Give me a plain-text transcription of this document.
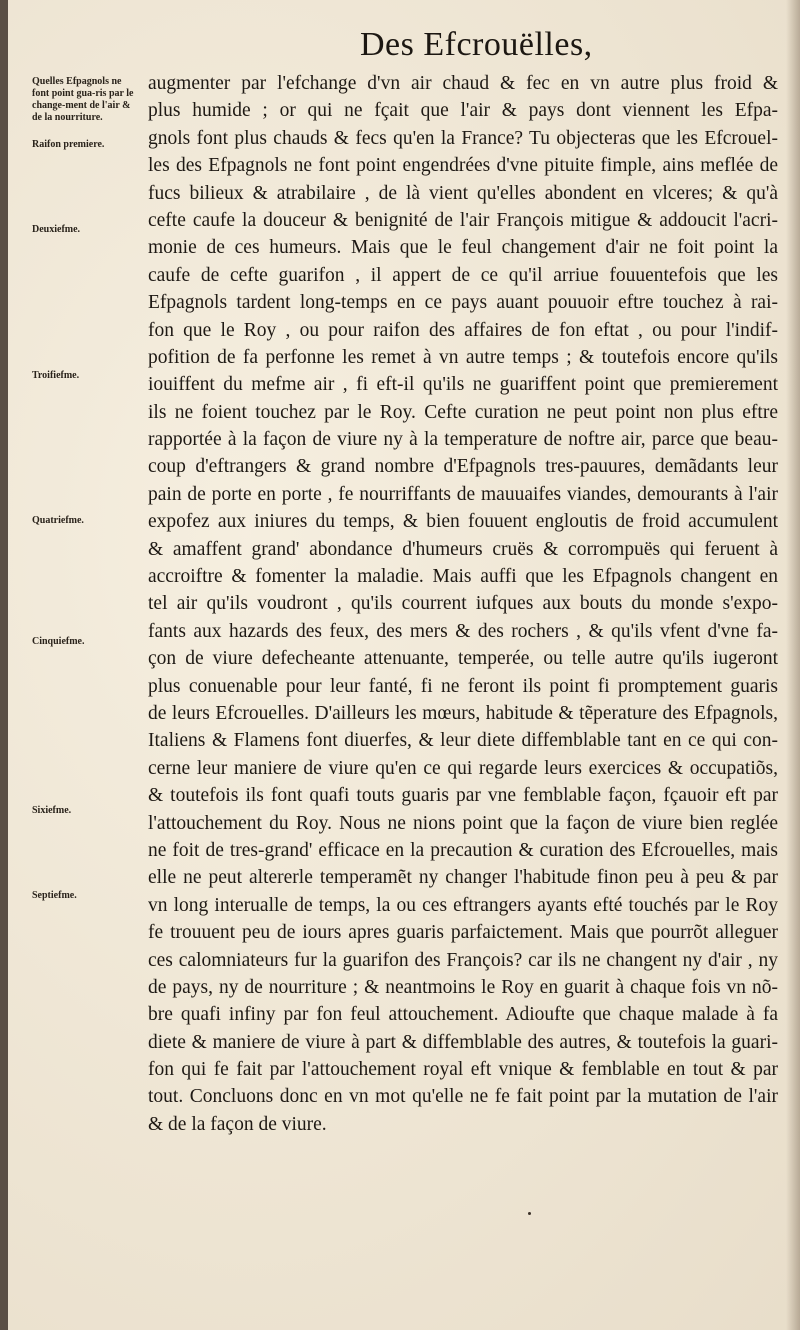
Des Efcrouëlles,
Quelles Efpagnols ne font point gua-ris par le change-ment de l'air & de la nourriture.
Raifon premiere.
Deuxiefme.
Troifiefme.
Quatriefme.
Cinquiefme.
Sixiefme.
Septiefme.
augmenter par l'efchange d'vn air chaud & fec en vn autre plus froid &
plus humide ; or qui ne fçait que l'air & pays dont viennent les Efpa-
gnols font plus chauds & fecs qu'en la France? Tu objecteras que les Efcrouel-
les des Efpagnols ne font point engendrées d'vne pituite fimple, ains meflée de
fucs bilieux & atrabilaire , de là vient qu'elles abondent en vlceres; & qu'à
cefte caufe la douceur & benignité de l'air François mitigue & addoucit l'acri-
monie de ces humeurs. Mais que le feul changement d'air ne foit point la
caufe de cefte guarifon , il appert de ce qu'il arriue fouuentefois que les
Efpagnols tardent long-temps en ce pays auant pouuoir eftre touchez à rai-
fon que le Roy , ou pour raifon des affaires de fon eftat , ou pour l'indif-
pofition de fa perfonne les remet à vn autre temps ; & toutefois encore qu'ils
iouiffent du mefme air , fi eft-il qu'ils ne guariffent point que premierement
ils ne foient touchez par le Roy. Cefte curation ne peut point non plus eftre
rapportée à la façon de viure ny à la temperature de noftre air, parce que beau-
coup d'eftrangers & grand nombre d'Efpagnols tres-pauures, demãdants leur
pain de porte en porte , fe nourriffants de mauuaifes viandes, demourants à l'air
expofez aux iniures du temps, & bien fouuent engloutis de froid accumulent
& amaffent grand' abondance d'humeurs cruës & corrompuës qui feruent à
accroiftre & fomenter la maladie. Mais auffi que les Efpagnols changent en
tel air qu'ils voudront , qu'ils courrent iufques aux bouts du monde s'expo-
fants aux hazards des feux, des mers & des rochers , & qu'ils vfent d'vne fa-
çon de viure defecheante attenuante, temperée, ou telle autre qu'ils iugeront
plus conuenable pour leur fanté, fi ne feront ils point fi promptement guaris
de leurs Efcrouelles. D'ailleurs les mœurs, habitude & tẽperature des Efpagnols,
Italiens & Flamens font diuerfes, & leur diete diffemblable tant en ce qui con-
cerne leur maniere de viure qu'en ce qui regarde leurs exercices & occupatiõs,
& toutefois ils font quafi touts guaris par vne femblable façon, fçauoir eft par
l'attouchement du Roy. Nous ne nions point que la façon de viure bien reglée
ne foit de tres-grand' efficace en la precaution & curation des Efcrouelles, mais
elle ne peut altererle temperamẽt ny changer l'habitude finon peu à peu & par
vn long interualle de temps, la ou ces eftrangers ayants efté touchés par le Roy
fe trouuent peu de iours apres guaris parfaictement. Mais que pourrõt alleguer
ces calomniateurs fur la guarifon des François? car ils ne changent ny d'air , ny
de pays, ny de nourriture ; & neantmoins le Roy en guarit à chaque fois vn nõ-
bre quafi infiny par fon feul attouchement. Adioufte que chaque malade à fa
diete & maniere de viure à part & diffemblable des autres, & toutefois la guari-
fon qui fe fait par l'attouchement royal eft vnique & femblable en tout & par
tout. Concluons donc en vn mot qu'elle ne fe fait point par la mutation de l'air
& de la façon de viure.
